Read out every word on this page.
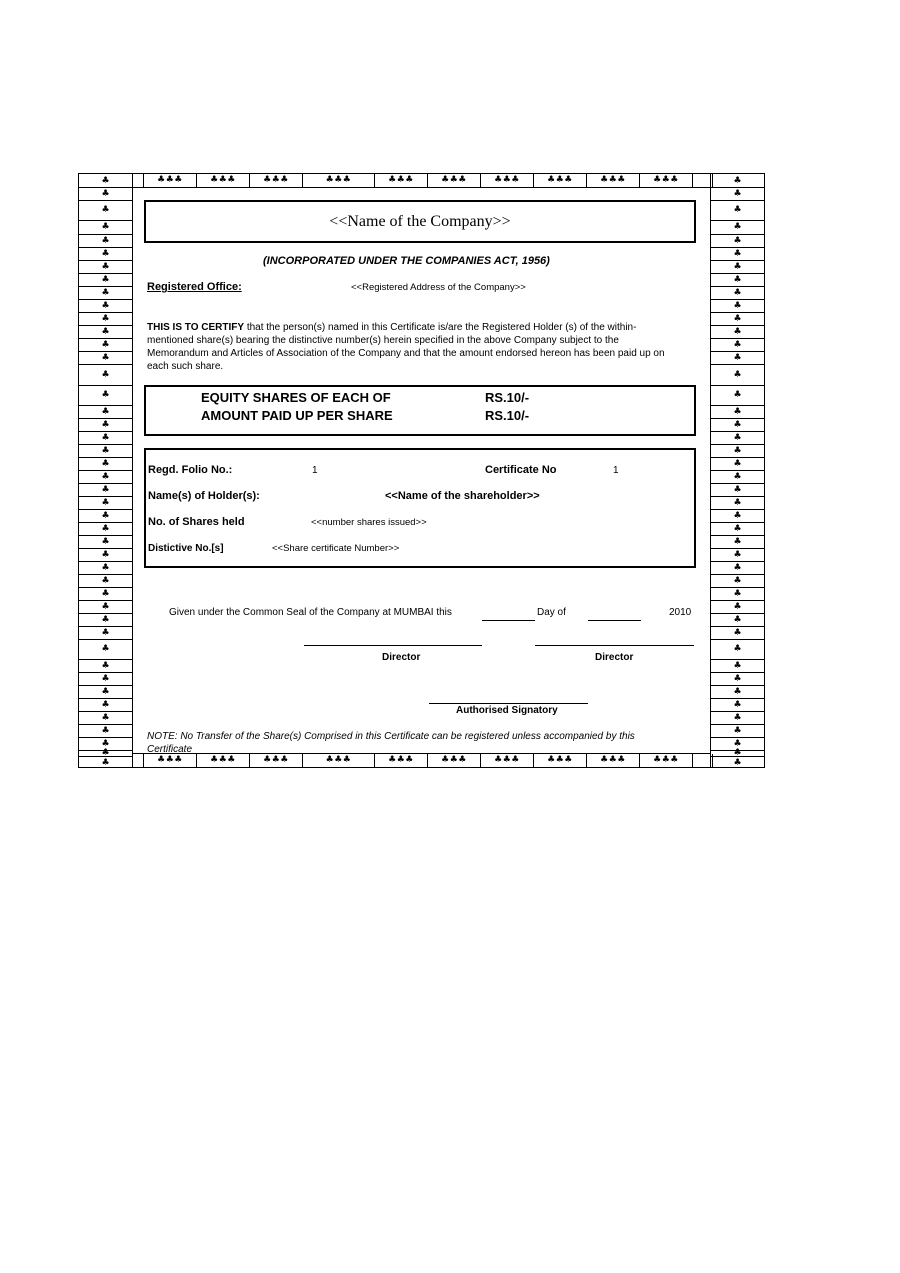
♣
♣
♣
♣
♣
♣
♣
♣
♣
♣
♣
♣
♣
♣
♣
♣
♣
♣
♣
♣
♣
♣
♣
♣
♣
♣
♣
♣
♣
♣
♣
♣
♣
♣
♣
♣
♣
♣
♣
♣
♣
♣
♣
♣
♣
♣
♣
♣
♣
♣
♣
♣
♣
♣
♣
♣
♣
♣
♣
♣
♣
♣
♣
♣
♣
♣
♣
♣
♣
♣
♣
♣
♣
♣
♣
♣
♣
♣
♣
♣
♣
♣
♣
♣
♣
♣
♣
♣
♣♣♣	♣♣♣	♣♣♣	♣♣♣	♣♣♣	♣♣♣	♣♣♣	♣♣♣	♣♣♣	♣♣♣
♣♣♣	♣♣♣	♣♣♣	♣♣♣	♣♣♣	♣♣♣	♣♣♣	♣♣♣	♣♣♣	♣♣♣
<<Name of the Company>>
(INCORPORATED UNDER THE COMPANIES ACT, 1956)
Registered Office:	<<Registered Address of the Company>>
THIS IS TO CERTIFY that the person(s) named in this Certificate is/are the Registered Holder (s) of the within-
mentioned share(s) bearing the distinctive number(s) herein specified in the above Company subject to the
Memorandum and Articles of Association of the Company and that the amount endorsed hereon has been paid up on
each such share.
EQUITY SHARES OF EACH OF	RS.10/-
AMOUNT PAID UP PER SHARE	RS.10/-
Regd. Folio No.:	1	Certificate No	1
Name(s) of Holder(s):	<<Name of the shareholder>>
No. of Shares held	<<number shares issued>>
Distictive No.[s]	<<Share certificate Number>>
Given under the Common Seal of the Company at MUMBAI this	Day of	2010
Director	Director
Authorised Signatory
NOTE: No Transfer of the Share(s) Comprised in this Certificate can be registered unless accompanied by this
Certificate
